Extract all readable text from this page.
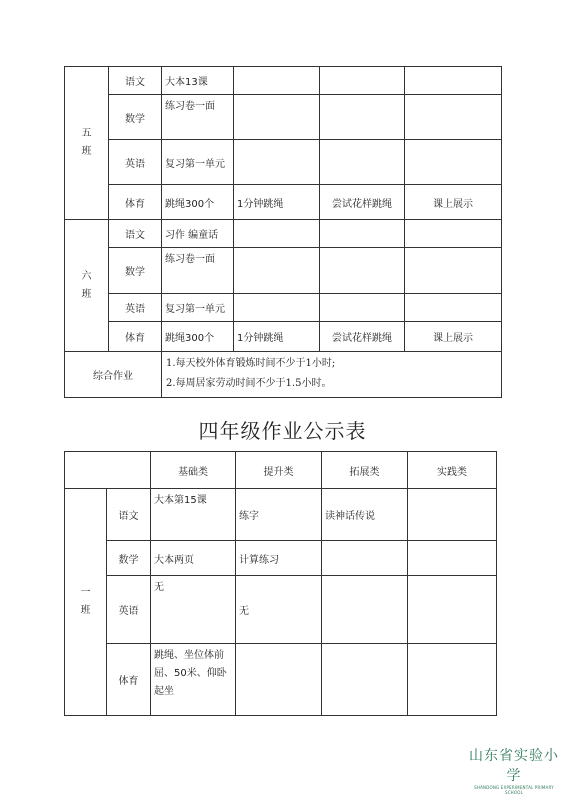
五
班	语文	大本13课			
	数学	练习卷一面			
	英语	复习第一单元			
	体育	跳绳300个	1分钟跳绳	尝试花样跳绳	课上展示
六
班	语文	习作 编童话			
	数学	练习卷一面			
	英语	复习第一单元			
	体育	跳绳300个	1分钟跳绳	尝试花样跳绳	课上展示
综合作业		1.每天校外体育锻炼时间不少于1小时;
2.每周居家劳动时间不少于1.5小时。			
四年级作业公示表
		基础类	提升类	拓展类	实践类
一
班	语文	大本第15课	练字	读神话传说	
	数学	大本两页	计算练习		
	英语	无	无		
	体育	跳绳、坐位体前屈、50米、仰卧起坐			
山东省实验小学
SHANDONG EXPERIMENTAL PRIMARY SCHOOL
